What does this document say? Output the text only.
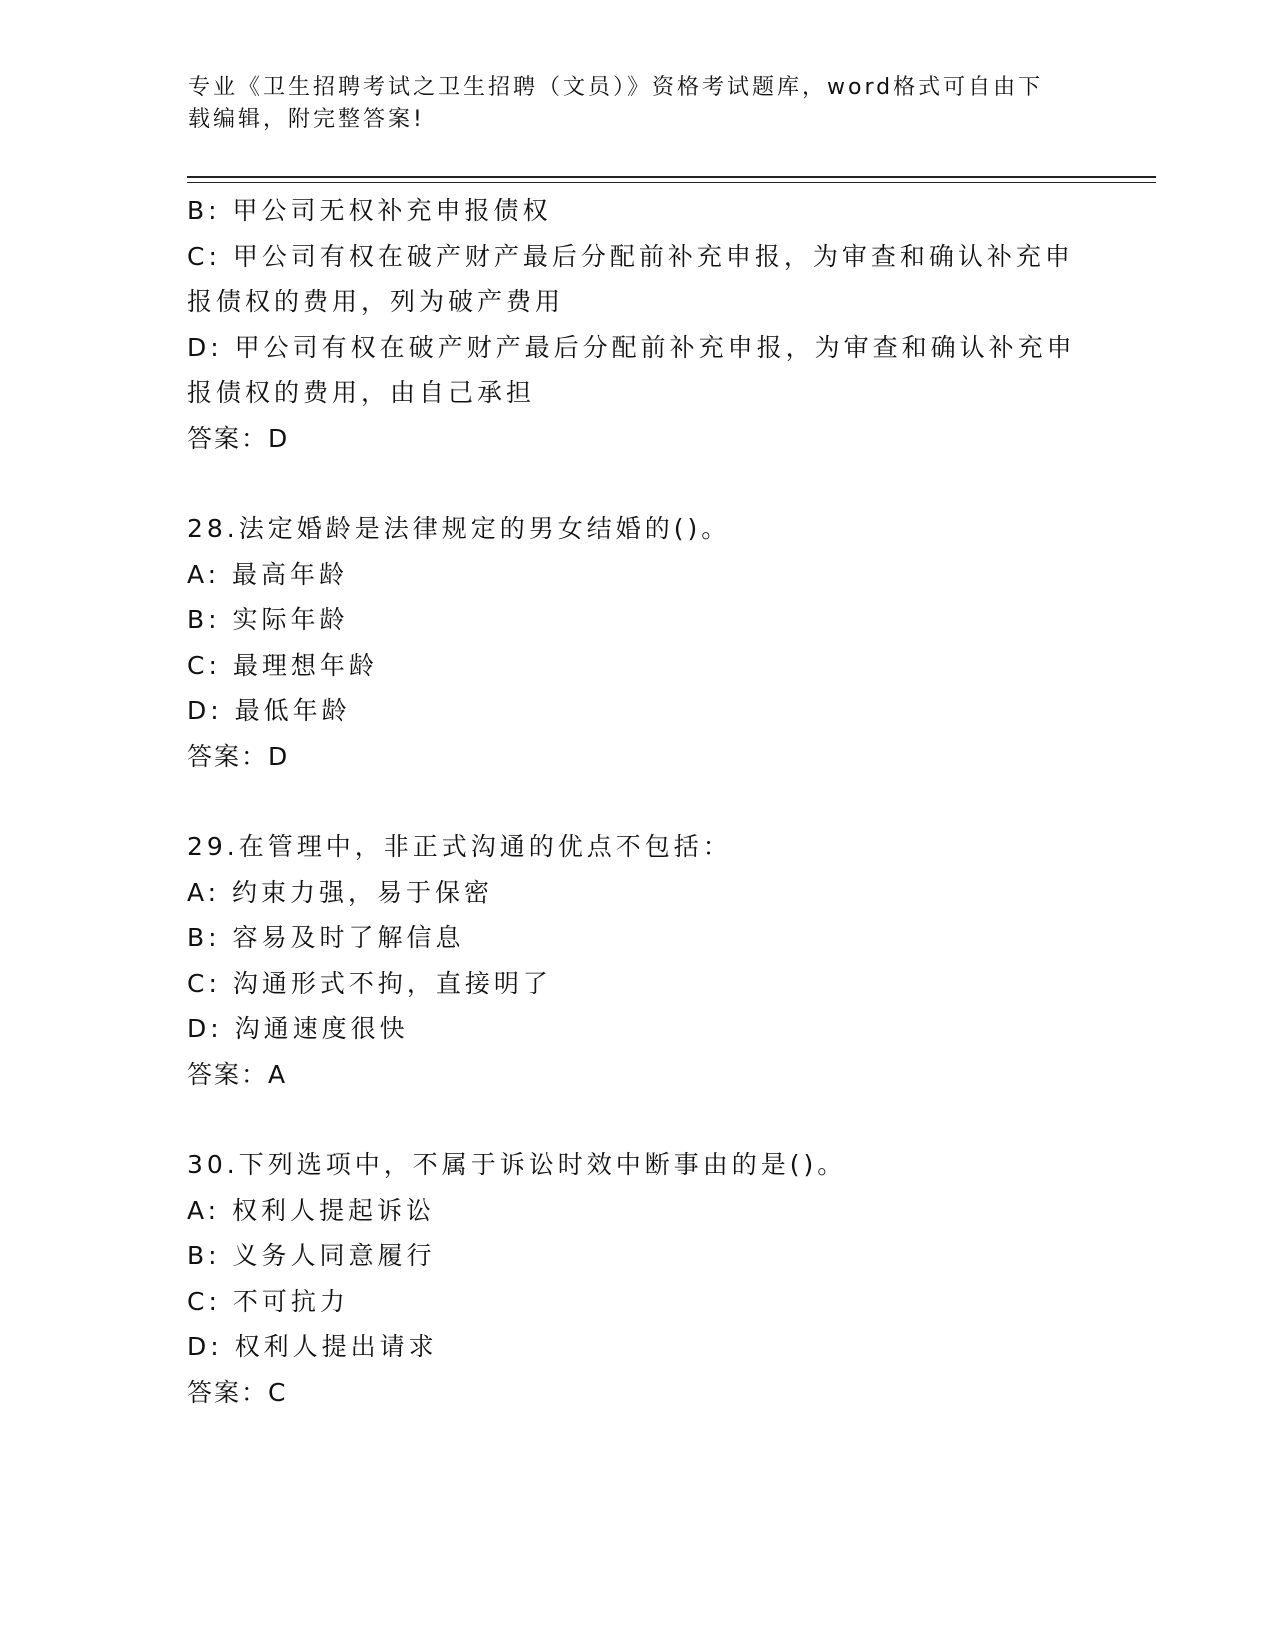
专业《卫生招聘考试之卫生招聘（文员）》资格考试题库，word格式可自由下载编辑，附完整答案!

B: 甲公司无权补充申报债权

C: 甲公司有权在破产财产最后分配前补充申报，为审查和确认补充申报债权的费用，列为破产费用

D: 甲公司有权在破产财产最后分配前补充申报，为审查和确认补充申报债权的费用，由自己承担

答案：D

28.法定婚龄是法律规定的男女结婚的()。

A: 最高年龄

B: 实际年龄

C: 最理想年龄

D: 最低年龄

答案：D

29.在管理中，非正式沟通的优点不包括：

A: 约束力强，易于保密

B: 容易及时了解信息

C: 沟通形式不拘，直接明了

D: 沟通速度很快

答案：A

30.下列选项中，不属于诉讼时效中断事由的是()。

A: 权利人提起诉讼

B: 义务人同意履行

C: 不可抗力

D: 权利人提出请求

答案：C
